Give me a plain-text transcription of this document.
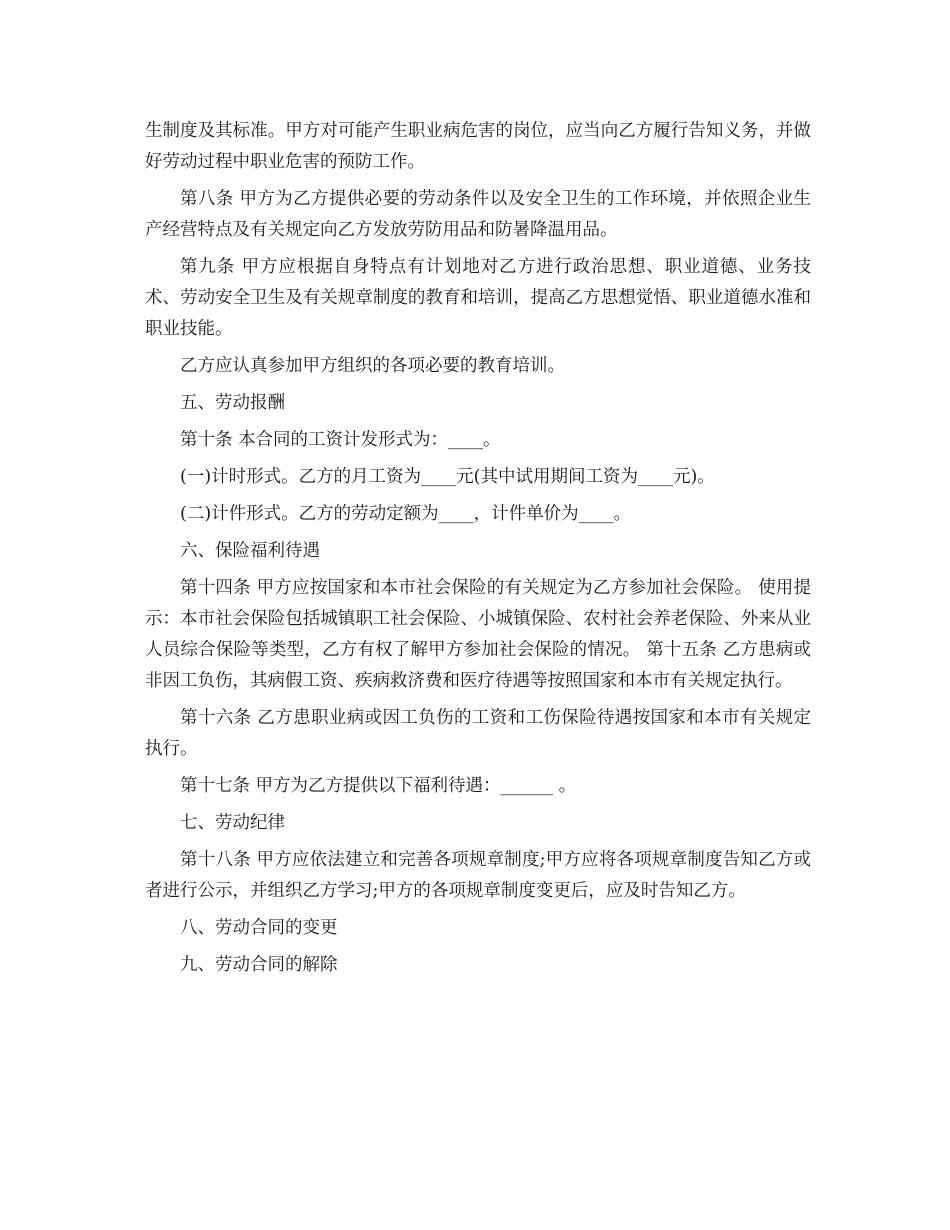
生制度及其标准。甲方对可能产生职业病危害的岗位，应当向乙方履行告知义务，并做好劳动过程中职业危害的预防工作。

第八条 甲方为乙方提供必要的劳动条件以及安全卫生的工作环境，并依照企业生产经营特点及有关规定向乙方发放劳防用品和防暑降温用品。

第九条 甲方应根据自身特点有计划地对乙方进行政治思想、职业道德、业务技术、劳动安全卫生及有关规章制度的教育和培训，提高乙方思想觉悟、职业道德水准和职业技能。

乙方应认真参加甲方组织的各项必要的教育培训。

五、劳动报酬

第十条 本合同的工资计发形式为：____。

(一)计时形式。乙方的月工资为____元(其中试用期间工资为____元)。

(二)计件形式。乙方的劳动定额为____，计件单价为____。

六、保险福利待遇

第十四条 甲方应按国家和本市社会保险的有关规定为乙方参加社会保险。 使用提示：本市社会保险包括城镇职工社会保险、小城镇保险、农村社会养老保险、外来从业人员综合保险等类型，乙方有权了解甲方参加社会保险的情况。 第十五条 乙方患病或非因工负伤，其病假工资、疾病救济费和医疗待遇等按照国家和本市有关规定执行。

第十六条 乙方患职业病或因工负伤的工资和工伤保险待遇按国家和本市有关规定执行。

第十七条 甲方为乙方提供以下福利待遇：______ 。

七、劳动纪律

第十八条 甲方应依法建立和完善各项规章制度;甲方应将各项规章制度告知乙方或者进行公示，并组织乙方学习;甲方的各项规章制度变更后，应及时告知乙方。

八、劳动合同的变更

九、劳动合同的解除
